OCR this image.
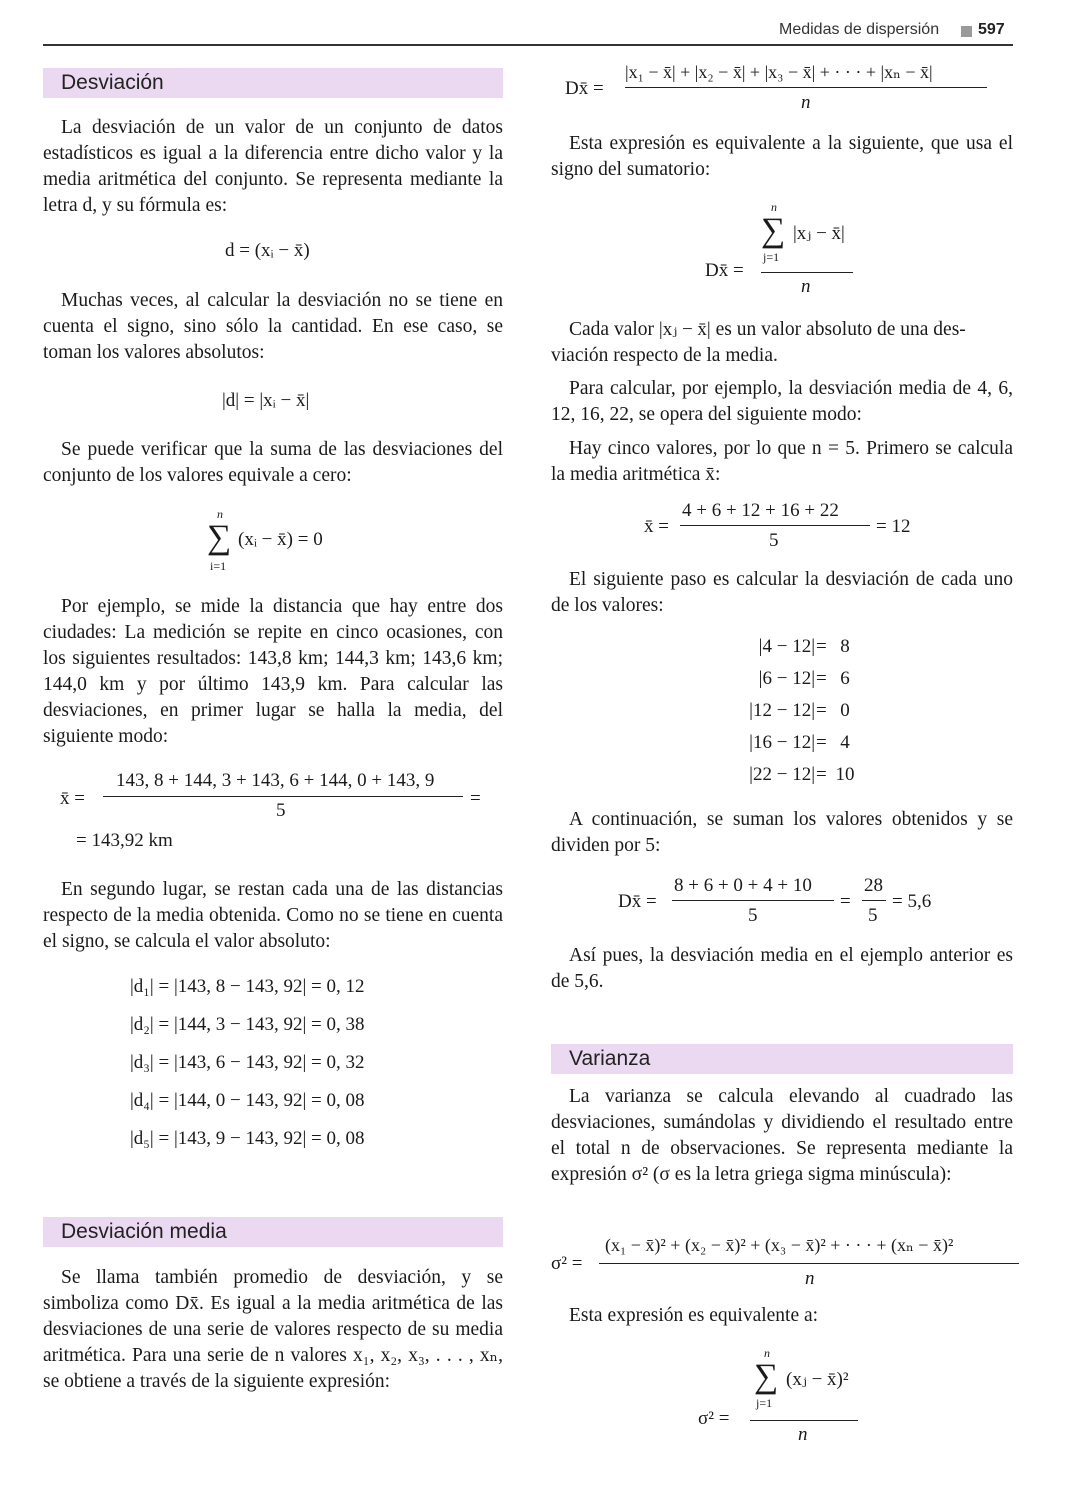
Medidas de dispersión 597
Desviación

La desviación de un valor de un conjunto de datos estadísticos es igual a la diferencia entre dicho valor y la media aritmética del conjunto. Se representa mediante la letra d, y su fórmula es:

d = (xᵢ − x̄)

Muchas veces, al calcular la desviación no se tiene en cuenta el signo, sino sólo la cantidad. En ese caso, se toman los valores absolutos:

|d| = |xᵢ − x̄|

Se puede verificar que la suma de las desviaciones del conjunto de los valores equivale a cero:

n
∑
i=1
(xᵢ − x̄) = 0

Por ejemplo, se mide la distancia que hay entre dos ciudades: La medición se repite en cinco ocasiones, con los siguientes resultados: 143,8 km; 144,3 km; 143,6 km; 144,0 km y por último 143,9 km. Para calcular las desviaciones, en primer lugar se halla la media, del siguiente modo:

x̄ =
143, 8 + 144, 3 + 143, 6 + 144, 0 + 143, 9
5
=
= 143,92 km

En segundo lugar, se restan cada una de las distancias respecto de la media obtenida. Como no se tiene en cuenta el signo, se calcula el valor absoluto:

|d₁| = |143, 8 − 143, 92| = 0, 12
|d₂| = |144, 3 − 143, 92| = 0, 38
|d₃| = |143, 6 − 143, 92| = 0, 32
|d₄| = |144, 0 − 143, 92| = 0, 08
|d₅| = |143, 9 − 143, 92| = 0, 08
Desviación media

Se llama también promedio de desviación, y se simboliza como Dx̄. Es igual a la media aritmética de las desviaciones de una serie de valores respecto de su media aritmética. Para una serie de n valores x₁, x₂, x₃, . . . , xₙ, se obtiene a través de la siguiente expresión:

Dx̄ =
|x₁ − x̄| + |x₂ − x̄| + |x₃ − x̄| + · · · + |xₙ − x̄|
n

Esta expresión es equivalente a la siguiente, que usa el signo del sumatorio:

n
∑
j=1
|xⱼ − x̄|
Dx̄ =
n
Cada valor |xⱼ − x̄| es un valor absoluto de una des-
viación respecto de la media.

Para calcular, por ejemplo, la desviación media de 4, 6, 12, 16, 22, se opera del siguiente modo:

Hay cinco valores, por lo que n = 5. Primero se calcula la media aritmética x̄:

x̄ =
4 + 6 + 12 + 16 + 22
5
= 12

El siguiente paso es calcular la desviación de cada uno de los valores:

|4 − 12| = 8
|6 − 12| = 6
|12 − 12| = 0
|16 − 12| = 4
|22 − 12| = 10

A continuación, se suman los valores obtenidos y se dividen por 5:

Dx̄ =
8 + 6 + 0 + 4 + 10
5
=
28
5
= 5,6

Así pues, la desviación media en el ejemplo anterior es de 5,6.

Varianza

La varianza se calcula elevando al cuadrado las desviaciones, sumándolas y dividiendo el resultado entre el total n de observaciones. Se representa mediante la expresión σ² (σ es la letra griega sigma minúscula):

σ² =
(x₁ − x̄)² + (x₂ − x̄)² + (x₃ − x̄)² + · · · + (xₙ − x̄)²
n

Esta expresión es equivalente a:

n
∑
j=1
(xⱼ − x̄)²
σ² =
n
